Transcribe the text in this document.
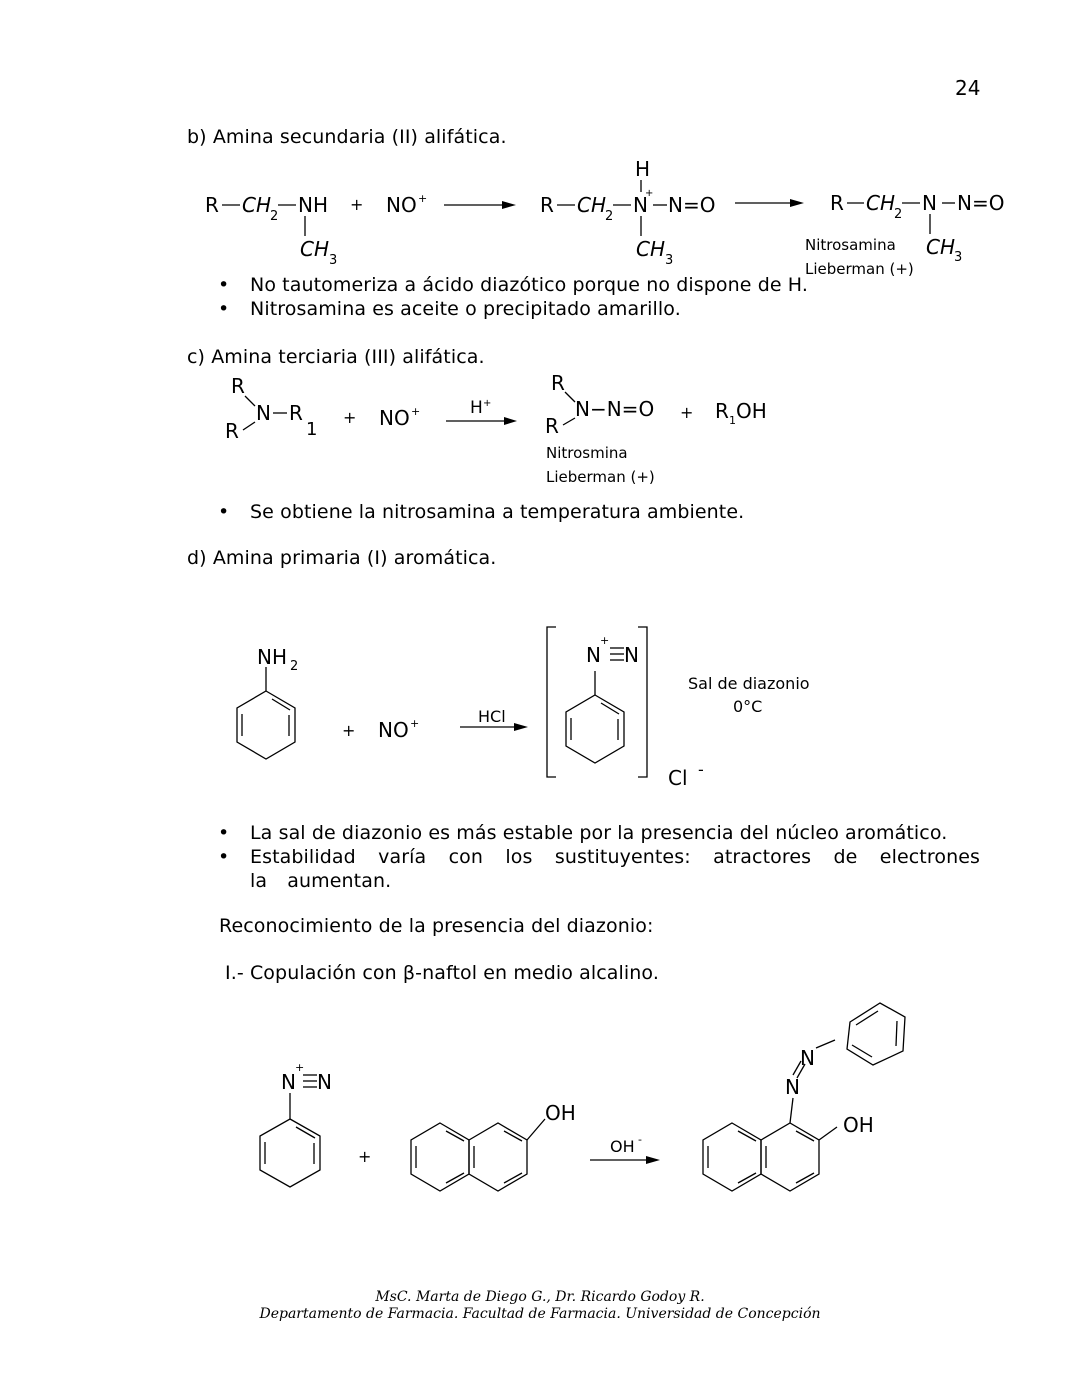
24
b) Amina secundaria (II) alifática.
R CH
2 NH
CH 3
+ NO +	R CH
2 N
+
H
CH 3
N=O	R CH
2 N
CH
3
N=O
Nitrosamina
Lieberman (+)
• No tautomeriza a ácido diazótico porque no dispone de H.
• Nitrosamina es aceite o precipitado amarillo.
c) Amina terciaria (III) alifática.
R
N
R
R
1
+ NO +	H +
R
N−N=O
R
+ R 1 OH
Nitrosmina
Lieberman (+)
• Se obtiene la nitrosamina a temperatura ambiente.
d) Amina primaria (I) aromática.
NH 2
+ NO +	HCl
N
+
N
Cl -
Sal de diazonio
0°C
• La sal de diazonio es más estable por la presencia del núcleo aromático.
• Estabilidad varía con los sustituyentes: atractores de electrones la aumentan.
Reconocimiento de la presencia del diazonio:
I.- Copulación con β-naftol en medio alcalino.
N
+
N
+
OH
OH -
N
N
OH
MsC. Marta de Diego G., Dr. Ricardo Godoy R.
Departamento de Farmacia. Facultad de Farmacia. Universidad de Concepción
